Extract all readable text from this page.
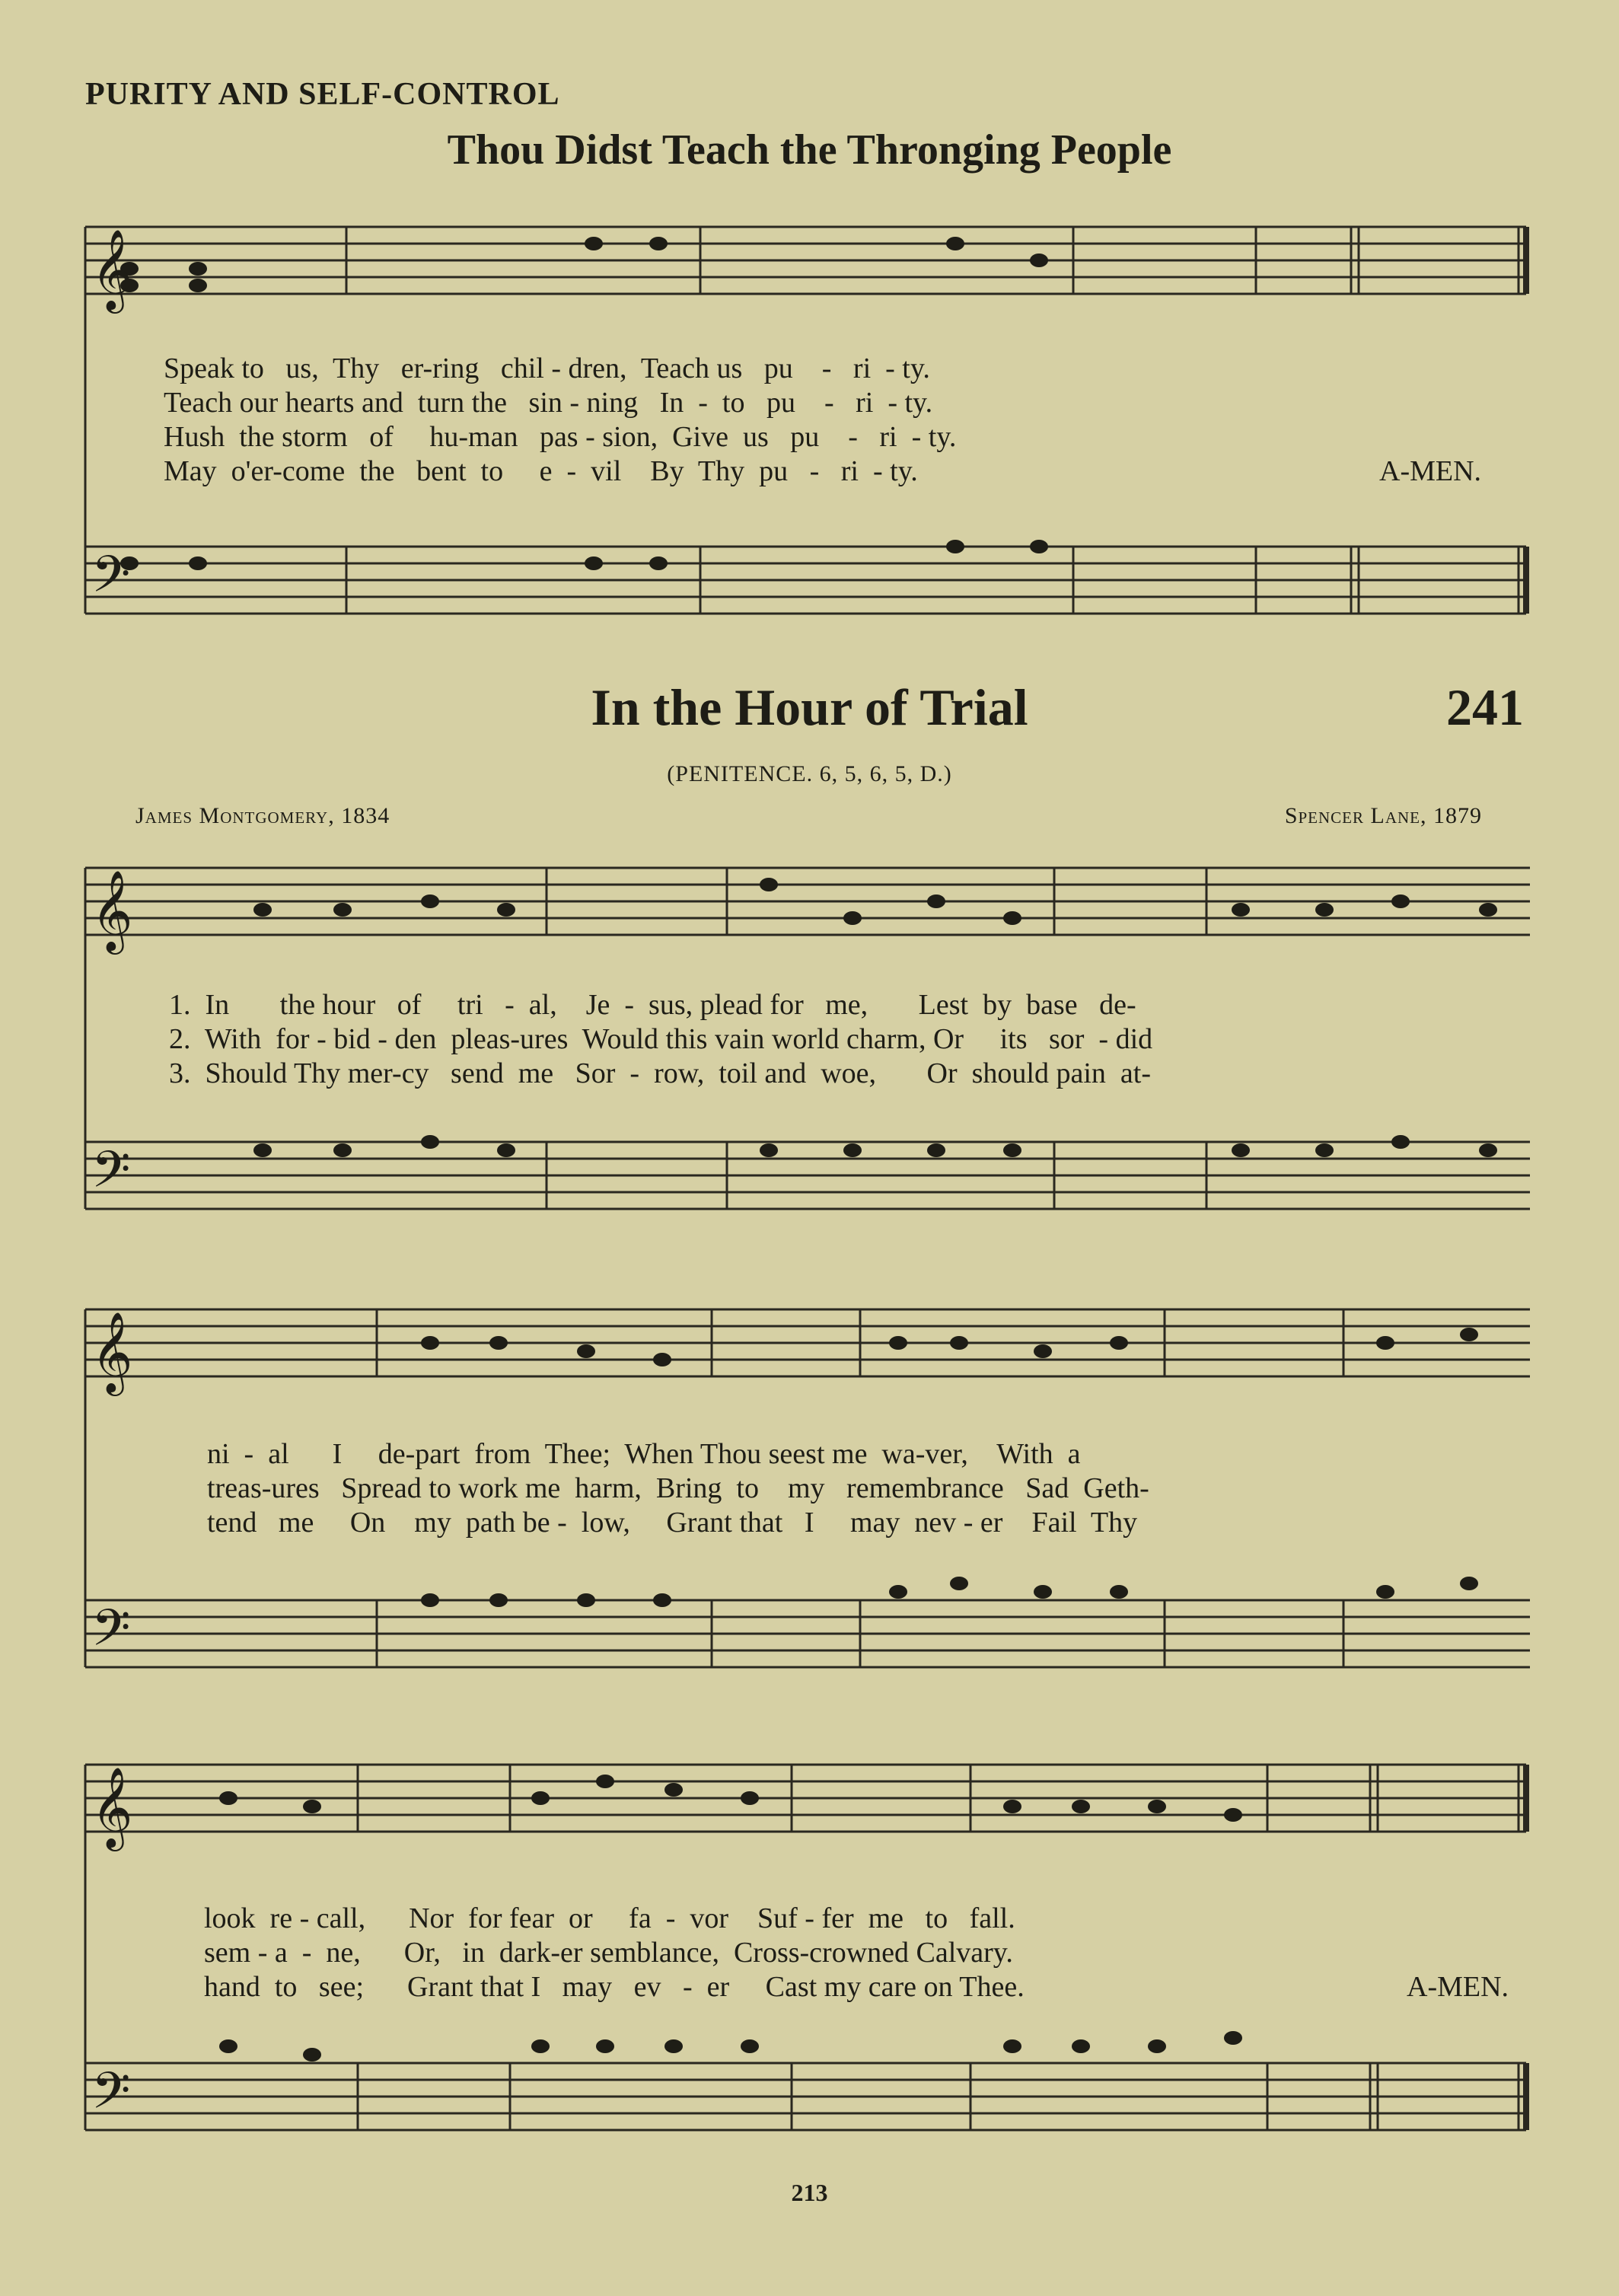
𝄞
𝄢
𝄞
𝄢
𝄞
𝄢
𝄞
𝄢
PURITY AND SELF-CONTROL
Thou Didst Teach the Thronging People
Speak to   us,  Thy   er-ring   chil - dren,  Teach us   pu    -   ri  - ty.
Teach our hearts and  turn the   sin - ning   In  -  to   pu    -   ri  - ty.
Hush  the storm   of     hu-man   pas - sion,  Give  us   pu    -   ri  - ty.
May  o'er-come  the   bent  to     e  -  vil    By  Thy  pu   -   ri  - ty.	A-MEN.
In the Hour of Trial	241
(PENITENCE. 6, 5, 6, 5, D.)
James Montgomery, 1834	Spencer Lane, 1879
1.  In       the hour   of     tri   -  al,    Je  -  sus, plead for   me,       Lest  by  base   de-
2.  With  for - bid - den  pleas-ures  Would this vain world charm, Or     its   sor  - did
3.  Should Thy mer-cy   send  me   Sor  -  row,  toil and  woe,       Or  should pain  at-
ni  -  al      I     de-part  from  Thee;  When Thou seest me  wa-ver,    With  a
treas-ures   Spread to work me  harm,  Bring  to    my   remembrance   Sad  Geth-
tend   me     On    my  path be -  low,     Grant that   I     may  nev - er    Fail  Thy
look  re - call,      Nor  for fear  or     fa  -  vor    Suf - fer  me   to   fall.
sem - a  -  ne,      Or,   in  dark-er semblance,  Cross-crowned Calvary.
hand  to   see;      Grant that I   may   ev   -  er     Cast my care on Thee.	A-MEN.
213
